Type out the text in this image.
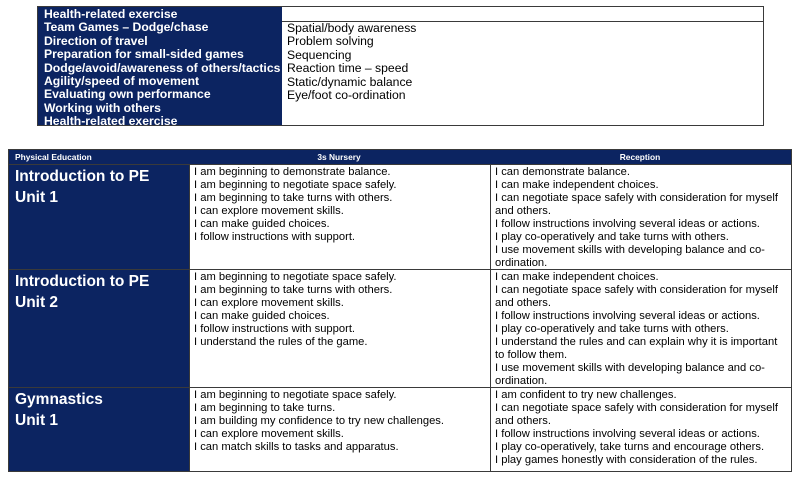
Health-related exercise
Team Games – Dodge/chase
Direction of travel
Preparation for small-sided games
Dodge/avoid/awareness of others/tactics
Agility/speed of movement
Evaluating own performance
Working with others
Health-related exercise
Spatial/body awareness
Problem solving
Sequencing
Reaction time – speed
Static/dynamic balance
Eye/foot co-ordination
Physical Education	3s Nursery	Reception
Introduction to PE
Unit 1
I am beginning to demonstrate balance.
I am beginning to negotiate space safely.
I am beginning to take turns with others.
I can explore movement skills.
I can make guided choices.
I follow instructions with support.
I can demonstrate balance.
I can make independent choices.
I can negotiate space safely with consideration for myself and others.
I follow instructions involving several ideas or actions.
I play co-operatively and take turns with others.
I use movement skills with developing balance and co-ordination.
Introduction to PE
Unit 2
I am beginning to negotiate space safely.
I am beginning to take turns with others.
I can explore movement skills.
I can make guided choices.
I follow instructions with support.
I understand the rules of the game.
I can make independent choices.
I can negotiate space safely with consideration for myself and others.
I follow instructions involving several ideas or actions.
I play co-operatively and take turns with others.
I understand the rules and can explain why it is important to follow them.
I use movement skills with developing balance and co-ordination.
Gymnastics
Unit 1
I am beginning to negotiate space safely.
I am beginning to take turns.
I am building my confidence to try new challenges.
I can explore movement skills.
I can match skills to tasks and apparatus.
I am confident to try new challenges.
I can negotiate space safely with consideration for myself and others.
I follow instructions involving several ideas or actions.
I play co-operatively, take turns and encourage others.
I play games honestly with consideration of the rules.
